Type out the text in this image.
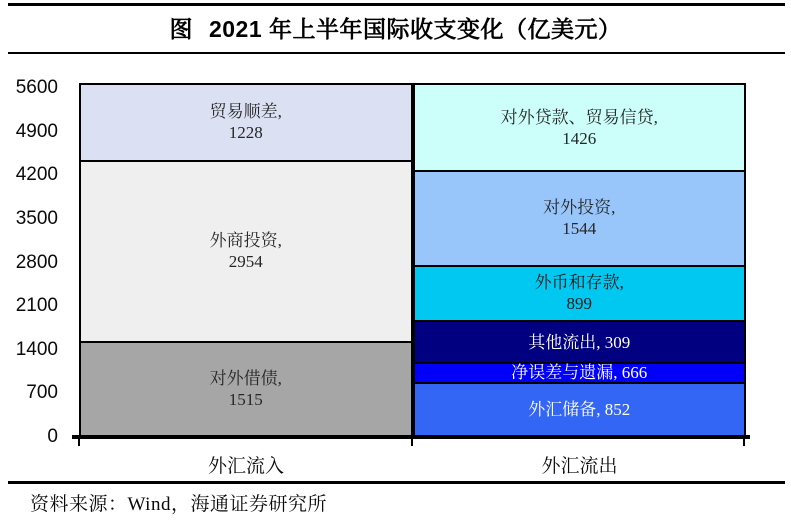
图 2021 年上半年国际收支变化（亿美元）
0
700
1400
2100
2800
3500
4200
4900
5600
对外借债,
1515
外商投资,
2954
贸易顺差,
1228
外汇储备, 852
净误差与遗漏, 666
其他流出, 309
外币和存款,
899
对外投资,
1544
对外贷款、贸易信贷,
1426
外汇流入	外汇流出
资料来源：Wind，海通证券研究所
